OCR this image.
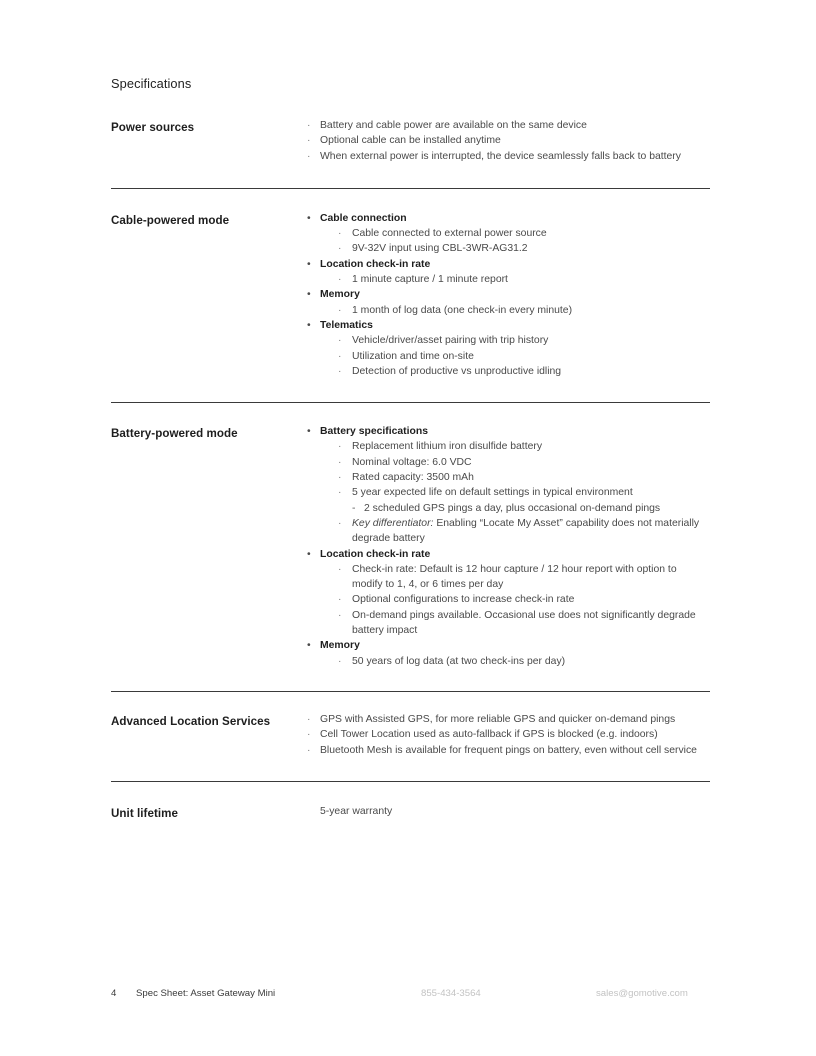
Specifications
Power sources	· Battery and cable power are available on the same device
· Optional cable can be installed anytime
· When external power is interrupted, the device seamlessly falls back to battery
Cable-powered mode	• Cable connection
· Cable connected to external power source
· 9V-32V input using CBL-3WR-AG31.2
• Location check-in rate
· 1 minute capture / 1 minute report
• Memory
· 1 month of log data (one check-in every minute)
• Telematics
· Vehicle/driver/asset pairing with trip history
· Utilization and time on-site
· Detection of productive vs unproductive idling
Battery-powered mode	• Battery specifications
· Replacement lithium iron disulfide battery
· Nominal voltage: 6.0 VDC
· Rated capacity: 3500 mAh
· 5 year expected life on default settings in typical environment
- 2 scheduled GPS pings a day, plus occasional on-demand pings
· Key differentiator: Enabling “Locate My Asset” capability does not materially degrade battery
• Location check-in rate
· Check-in rate: Default is 12 hour capture / 12 hour report with option to modify to 1, 4, or 6 times per day
· Optional configurations to increase check-in rate
· On-demand pings available. Occasional use does not significantly degrade battery impact
• Memory
· 50 years of log data (at two check-ins per day)
Advanced Location Services	· GPS with Assisted GPS, for more reliable GPS and quicker on-demand pings
· Cell Tower Location used as auto-fallback if GPS is blocked (e.g. indoors)
· Bluetooth Mesh is available for frequent pings on battery, even without cell service
Unit lifetime	5-year warranty
4 Spec Sheet: Asset Gateway Mini	855-434-3564	sales@gomotive.com
